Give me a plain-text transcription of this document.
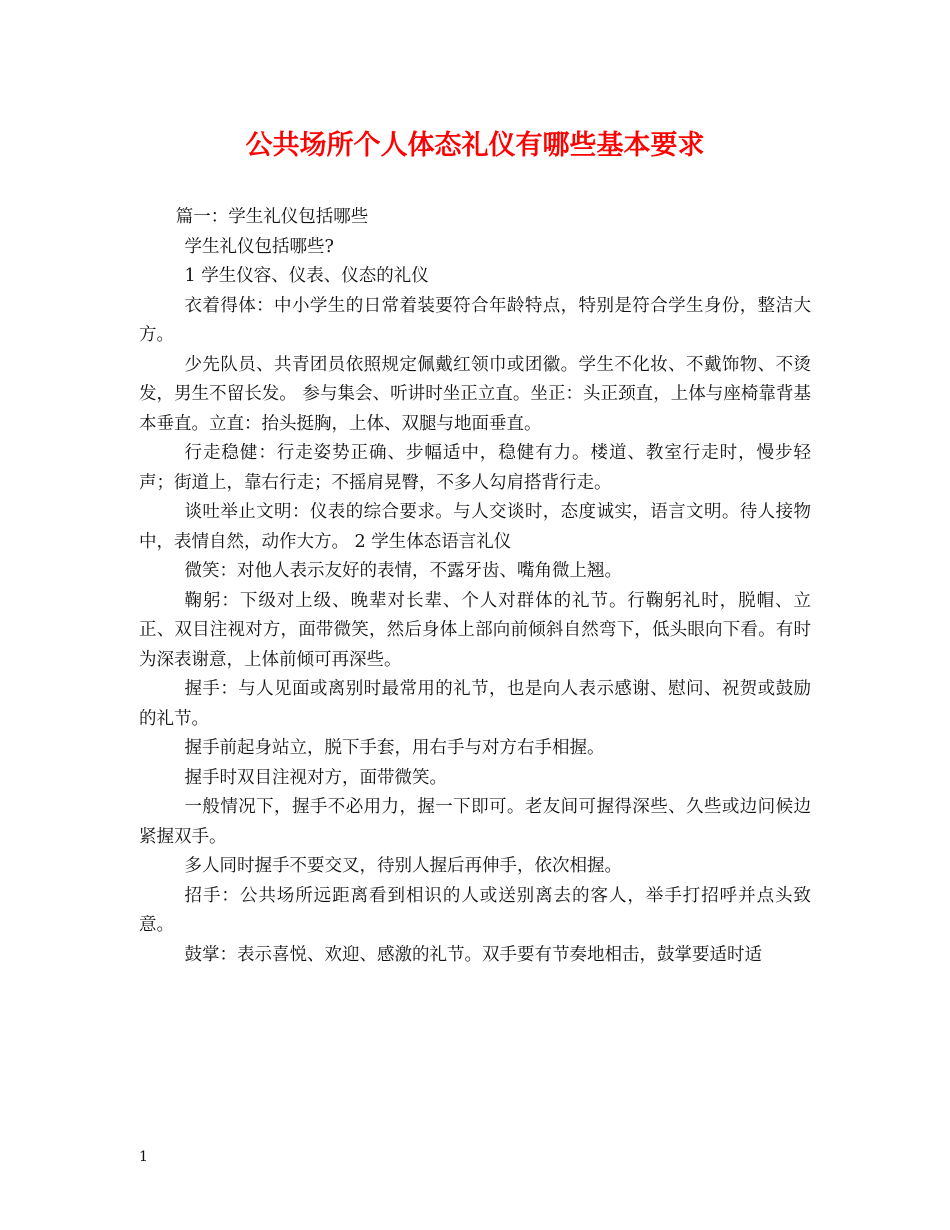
公共场所个人体态礼仪有哪些基本要求

篇一：学生礼仪包括哪些

学生礼仪包括哪些?

1 学生仪容、仪表、仪态的礼仪

衣着得体：中小学生的日常着装要符合年龄特点，特别是符合学生身份，整洁大方。

少先队员、共青团员依照规定佩戴红领巾或团徽。学生不化妆、不戴饰物、不烫发，男生不留长发。 参与集会、听讲时坐正立直。坐正：头正颈直，上体与座椅靠背基本垂直。立直：抬头挺胸，上体、双腿与地面垂直。

行走稳健：行走姿势正确、步幅适中，稳健有力。楼道、教室行走时，慢步轻声；街道上，靠右行走；不摇肩晃臀，不多人勾肩搭背行走。

谈吐举止文明：仪表的综合要求。与人交谈时，态度诚实，语言文明。待人接物中，表情自然，动作大方。 2 学生体态语言礼仪

微笑：对他人表示友好的表情，不露牙齿、嘴角微上翘。

鞠躬：下级对上级、晚辈对长辈、个人对群体的礼节。行鞠躬礼时，脱帽、立正、双目注视对方，面带微笑，然后身体上部向前倾斜自然弯下，低头眼向下看。有时为深表谢意，上体前倾可再深些。

握手：与人见面或离别时最常用的礼节，也是向人表示感谢、慰问、祝贺或鼓励的礼节。

握手前起身站立，脱下手套，用右手与对方右手相握。

握手时双目注视对方，面带微笑。

一般情况下，握手不必用力，握一下即可。老友间可握得深些、久些或边问候边紧握双手。

多人同时握手不要交叉，待别人握后再伸手，依次相握。

招手：公共场所远距离看到相识的人或送别离去的客人，举手打招呼并点头致意。

鼓掌：表示喜悦、欢迎、感激的礼节。双手要有节奏地相击，鼓掌要适时适

1
